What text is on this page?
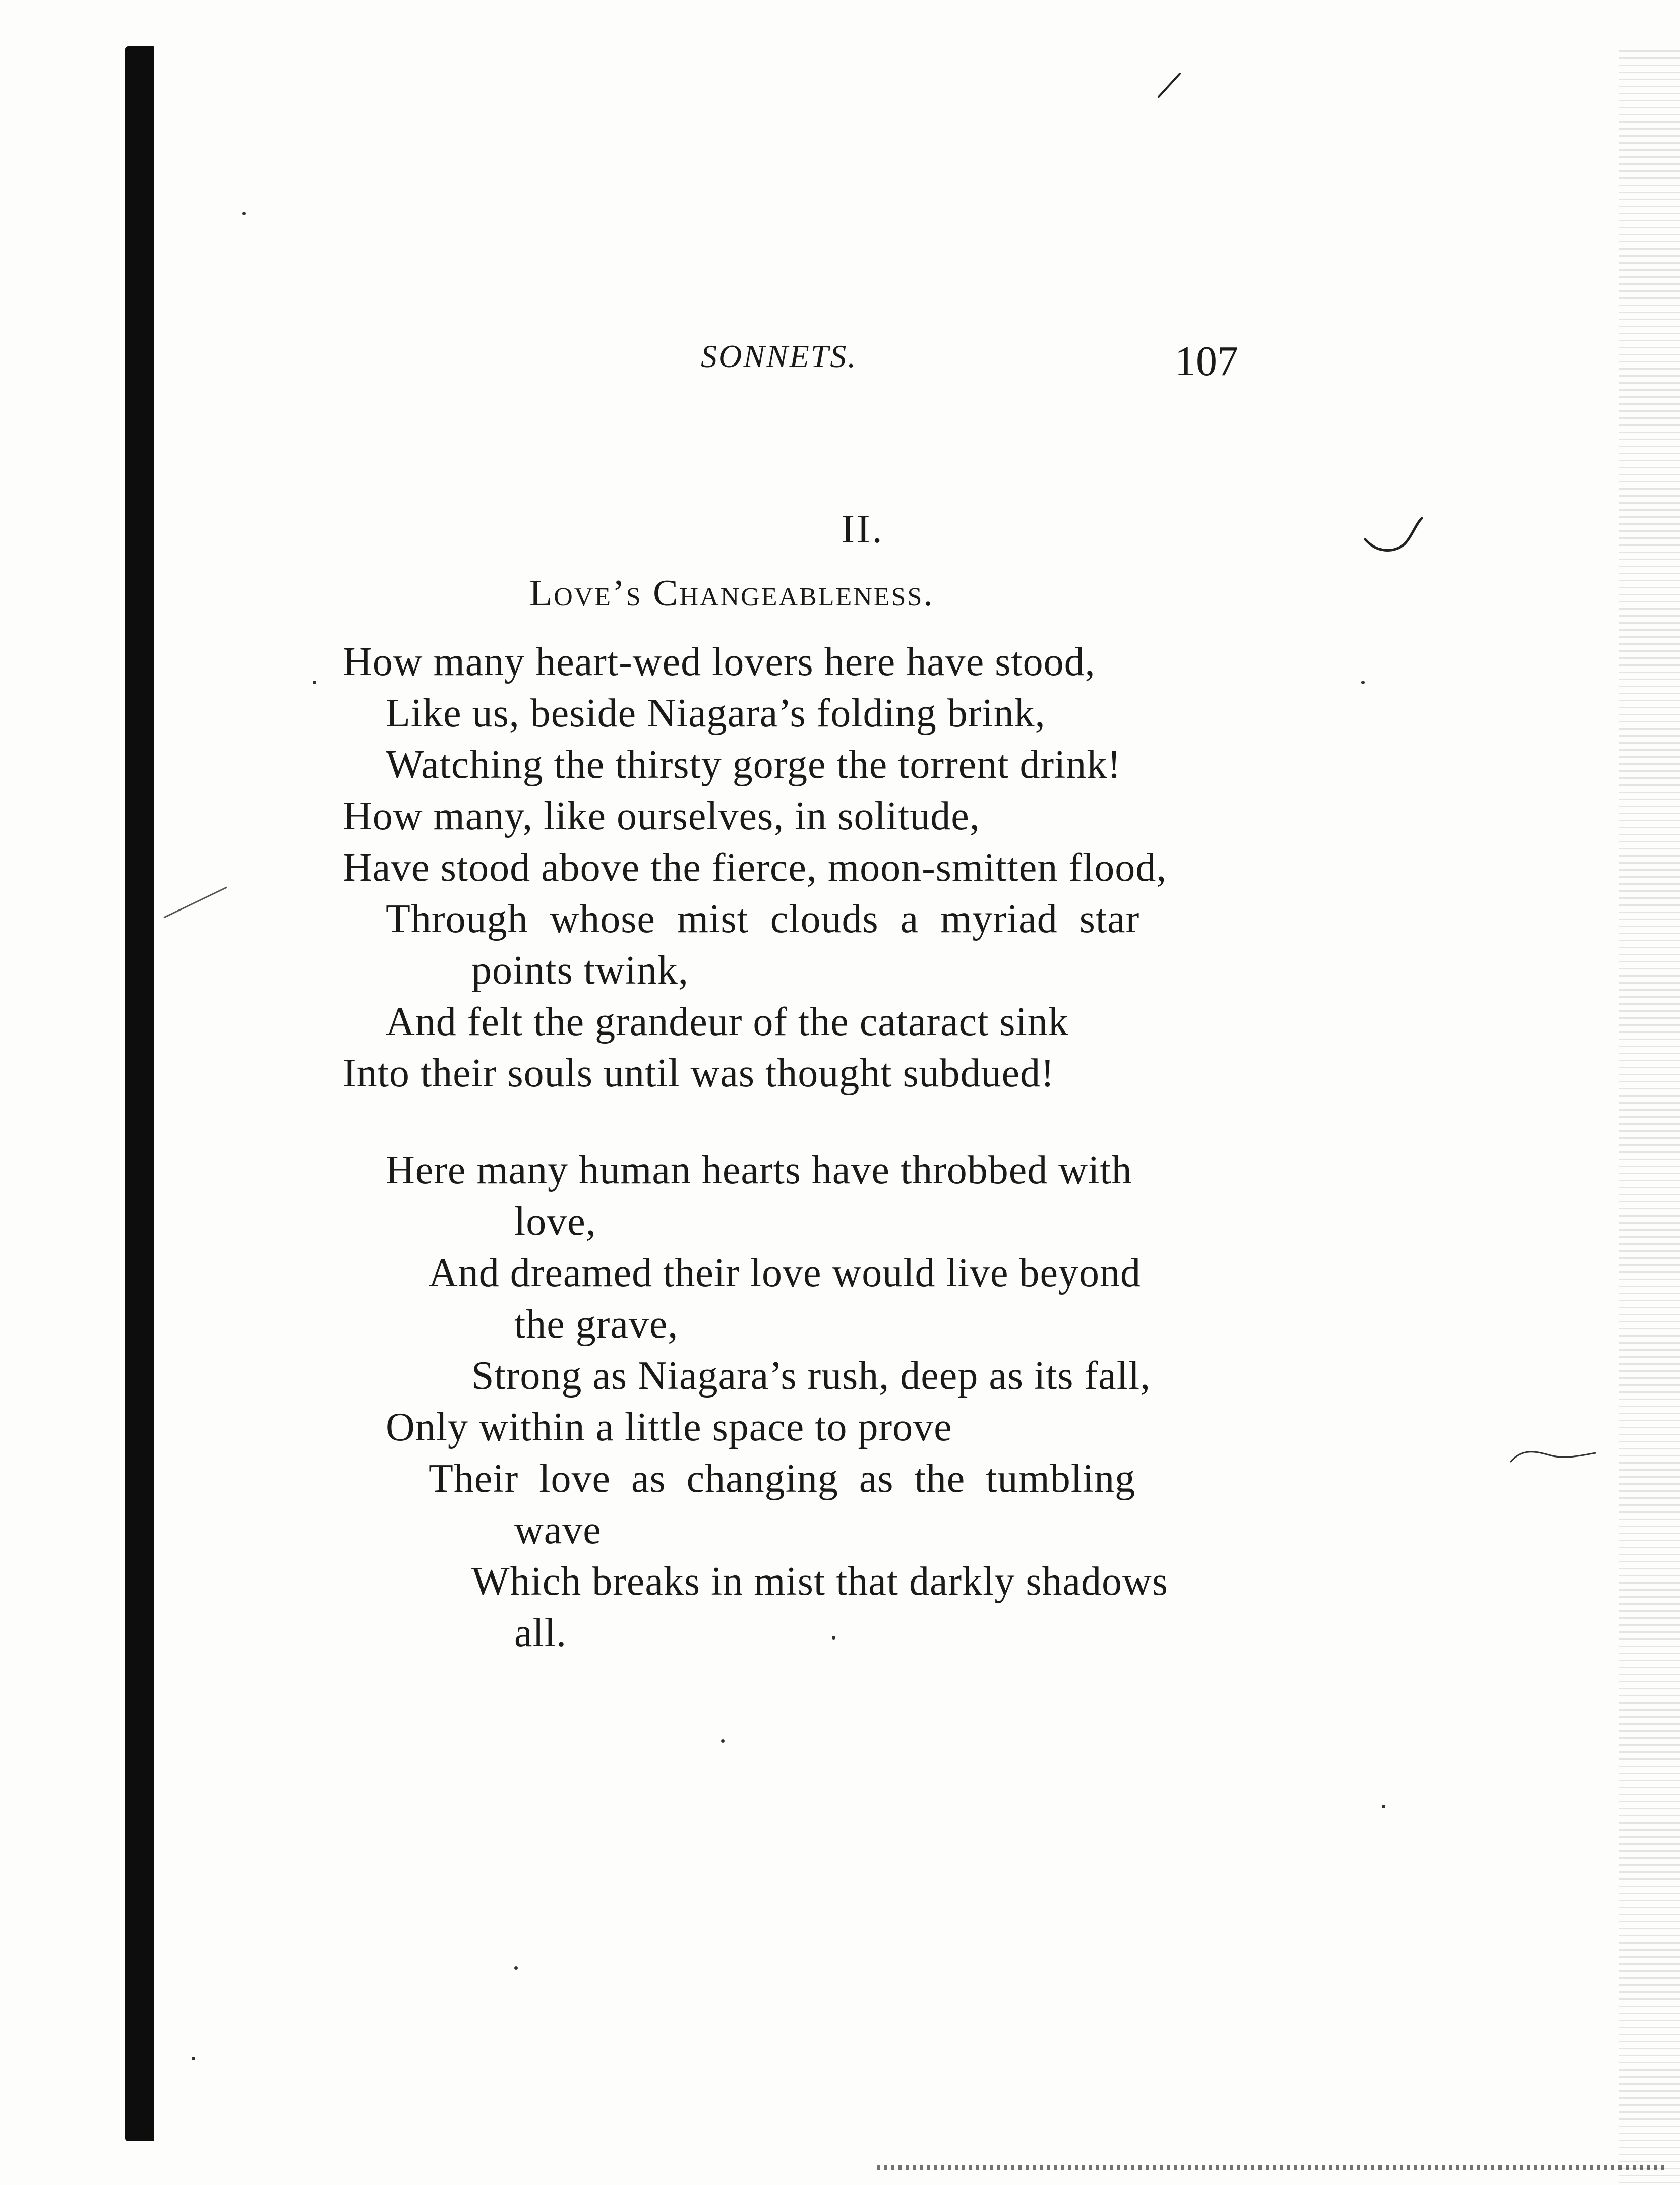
SONNETS.	107
II.
Love’s Changeableness.
How many heart-wed lovers here have stood,
Like us, beside Niagara’s folding brink,
Watching the thirsty gorge the torrent drink!
How many, like ourselves, in solitude,
Have stood above the fierce, moon-smitten flood,
Through whose mist clouds a myriad star
points twink,
And felt the grandeur of the cataract sink
Into their souls until was thought subdued!
Here many human hearts have throbbed with
love,
And dreamed their love would live beyond
the grave,
Strong as Niagara’s rush, deep as its fall,
Only within a little space to prove
Their love as changing as the tumbling
wave
Which breaks in mist that darkly shadows
all.
